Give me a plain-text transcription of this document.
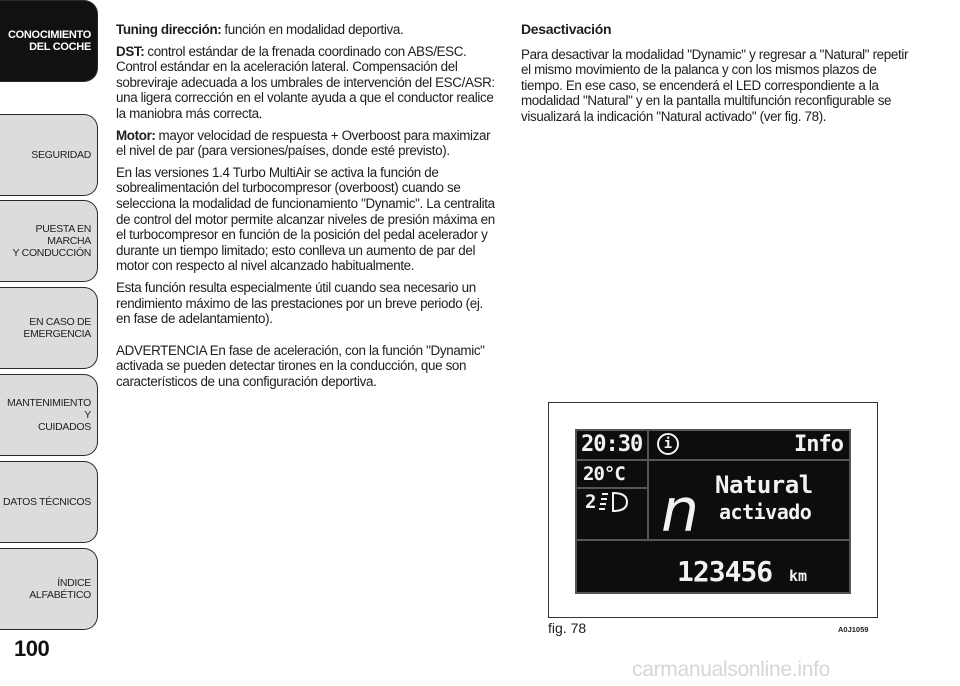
CONOCIMIENTO
DEL COCHE
SEGURIDAD
PUESTA EN MARCHA
Y CONDUCCIÓN
EN CASO DE
EMERGENCIA
MANTENIMIENTO Y
CUIDADOS
DATOS TÉCNICOS
ÍNDICE ALFABÉTICO
100

Tuning dirección: función en modalidad deportiva.

DST: control estándar de la frenada coordinado con ABS/ESC. Control estándar en la aceleración lateral. Compensación del sobreviraje adecuada a los umbrales de intervención del ESC/ASR: una ligera corrección en el volante ayuda a que el conductor realice la maniobra más correcta.

Motor: mayor velocidad de respuesta + Overboost para maximizar el nivel de par (para versiones/países, donde esté previsto).

En las versiones 1.4 Turbo MultiAir se activa la función de sobrealimentación del turbocompresor (overboost) cuando se selecciona la modalidad de funcionamiento "Dynamic". La centralita de control del motor permite alcanzar niveles de presión máxima en el turbocompresor en función de la posición del pedal acelerador y durante un tiempo limitado; esto conlleva un aumento de par del motor con respecto al nivel alcanzado habitualmente.

Esta función resulta especialmente útil cuando sea necesario un rendimiento máximo de las prestaciones por un breve periodo (ej. en fase de adelantamiento).

ADVERTENCIA En fase de aceleración, con la función "Dynamic" activada se pueden detectar tirones en la conducción, que son característicos de una configuración deportiva.

Desactivación

Para desactivar la modalidad "Dynamic" y regresar a "Natural" repetir el mismo movimiento de la palanca y con los mismos plazos de tiempo. En ese caso, se encenderá el LED correspondiente a la modalidad "Natural" y en la pantalla multifunción reconfigurable se visualizará la indicación "Natural activado" (ver fig. 78).

20:30 i	Info
20°C
2 n Natural
activado
123456 km
fig. 78	A0J1059
carmanualsonline.info
